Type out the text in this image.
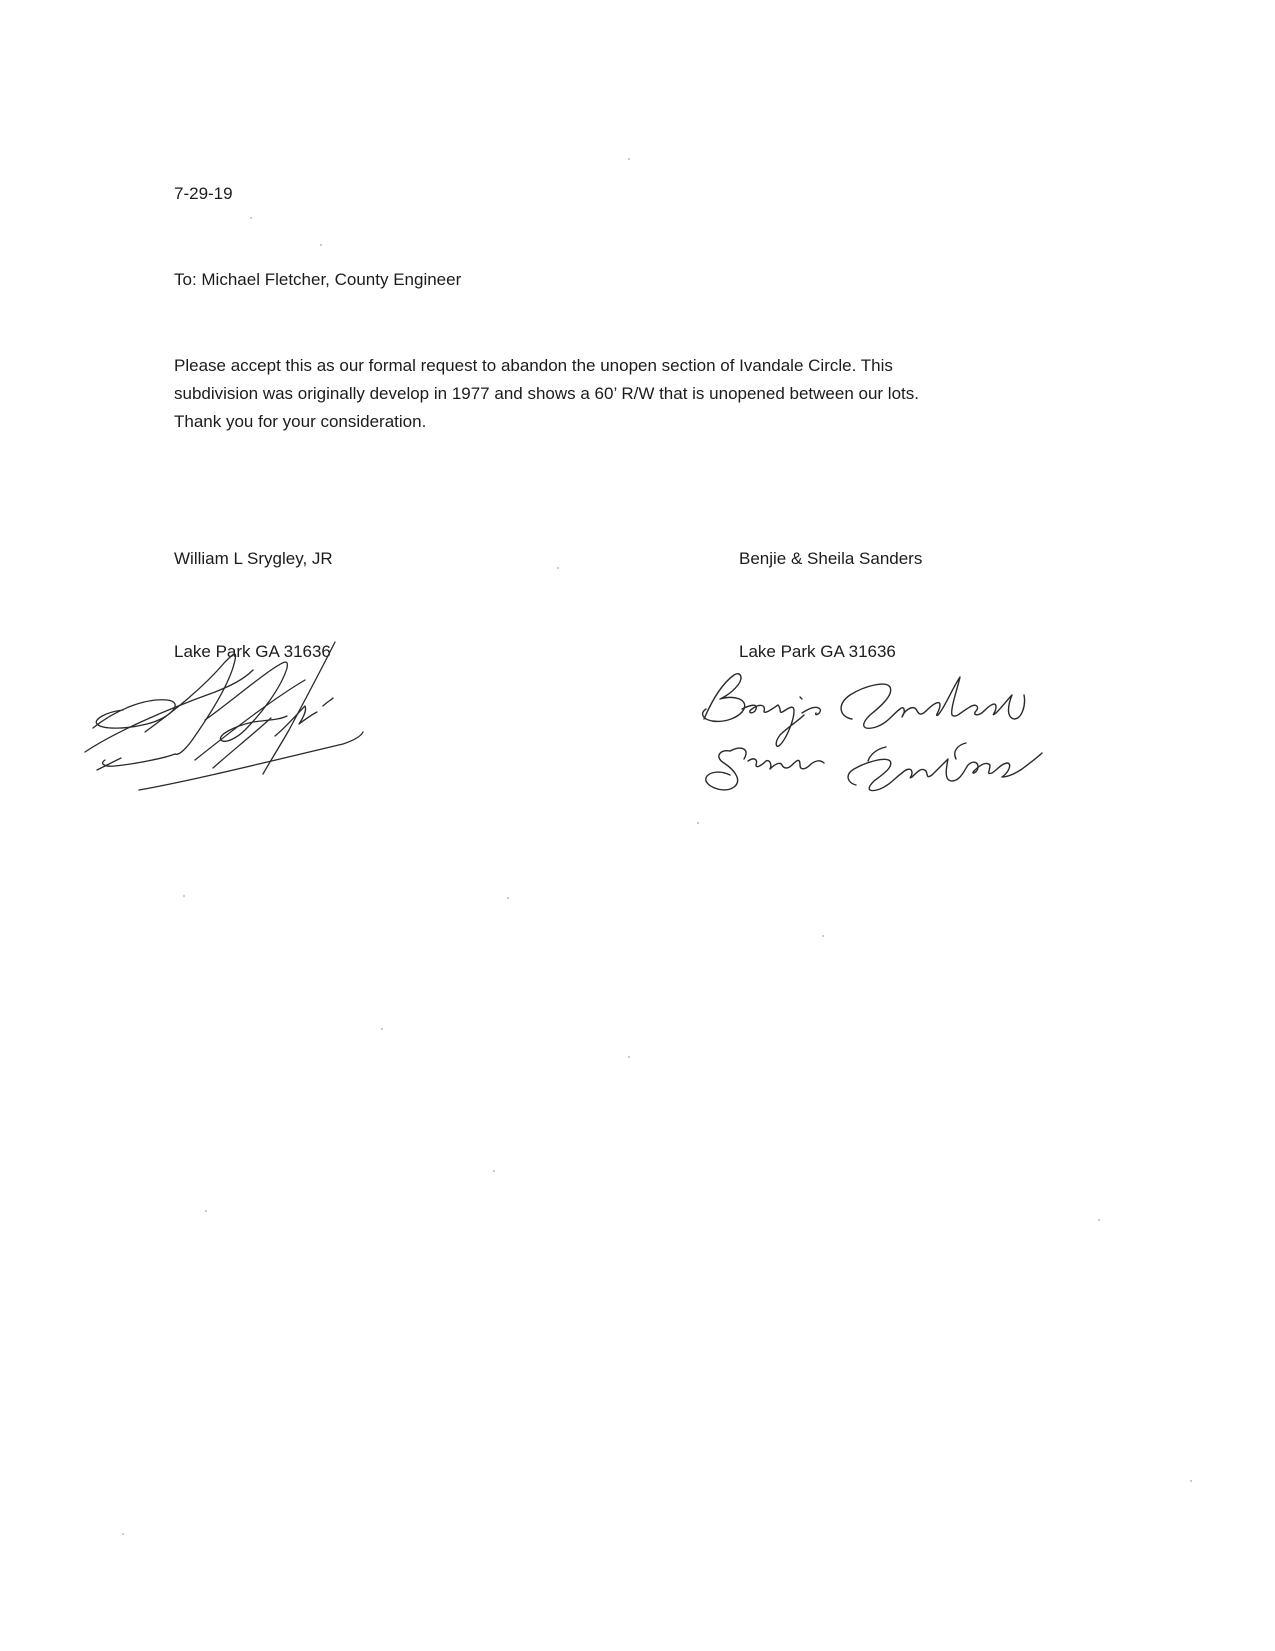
7-29-19
To: Michael Fletcher, County Engineer
Please accept this as our formal request to abandon the unopen section of Ivandale Circle. This
subdivision was originally develop in 1977 and shows a 60’ R/W that is unopened between our lots.
Thank you for your consideration.
William L Srygley, JR	Benjie & Sheila Sanders
Lake Park GA 31636	Lake Park GA 31636
